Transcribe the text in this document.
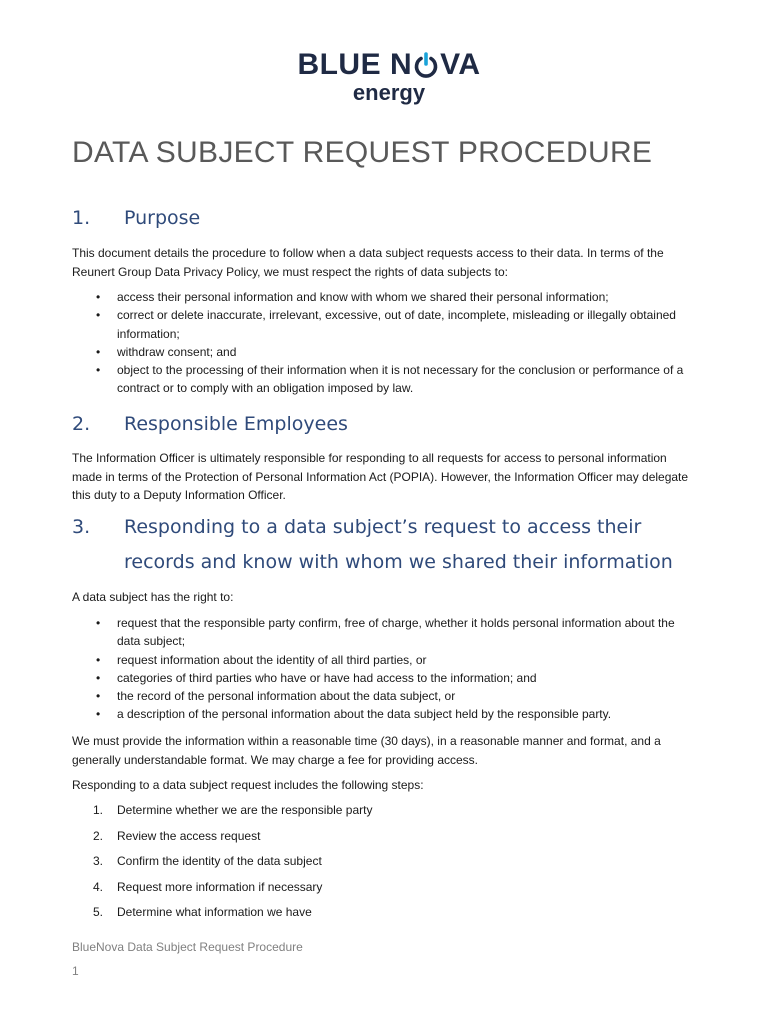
BLUE N VA
energy
DATA SUBJECT REQUEST PROCEDURE
1. Purpose
This document details the procedure to follow when a data subject requests access to their data. In terms of the Reunert Group Data Privacy Policy, we must respect the rights of data subjects to:
• access their personal information and know with whom we shared their personal information;
• correct or delete inaccurate, irrelevant, excessive, out of date, incomplete, misleading or illegally obtained information;
• withdraw consent; and
• object to the processing of their information when it is not necessary for the conclusion or performance of a contract or to comply with an obligation imposed by law.
2. Responsible Employees
The Information Officer is ultimately responsible for responding to all requests for access to personal information made in terms of the Protection of Personal Information Act (POPIA). However, the Information Officer may delegate this duty to a Deputy Information Officer.
3. Responding to a data subject’s request to access their
records and know with whom we shared their information
A data subject has the right to:
• request that the responsible party confirm, free of charge, whether it holds personal information about the data subject;
• request information about the identity of all third parties, or
• categories of third parties who have or have had access to the information; and
• the record of the personal information about the data subject, or
• a description of the personal information about the data subject held by the responsible party.
We must provide the information within a reasonable time (30 days), in a reasonable manner and format, and a generally understandable format. We may charge a fee for providing access.
Responding to a data subject request includes the following steps:
1. Determine whether we are the responsible party
2. Review the access request
3. Confirm the identity of the data subject
4. Request more information if necessary
5. Determine what information we have
BlueNova Data Subject Request Procedure
1
